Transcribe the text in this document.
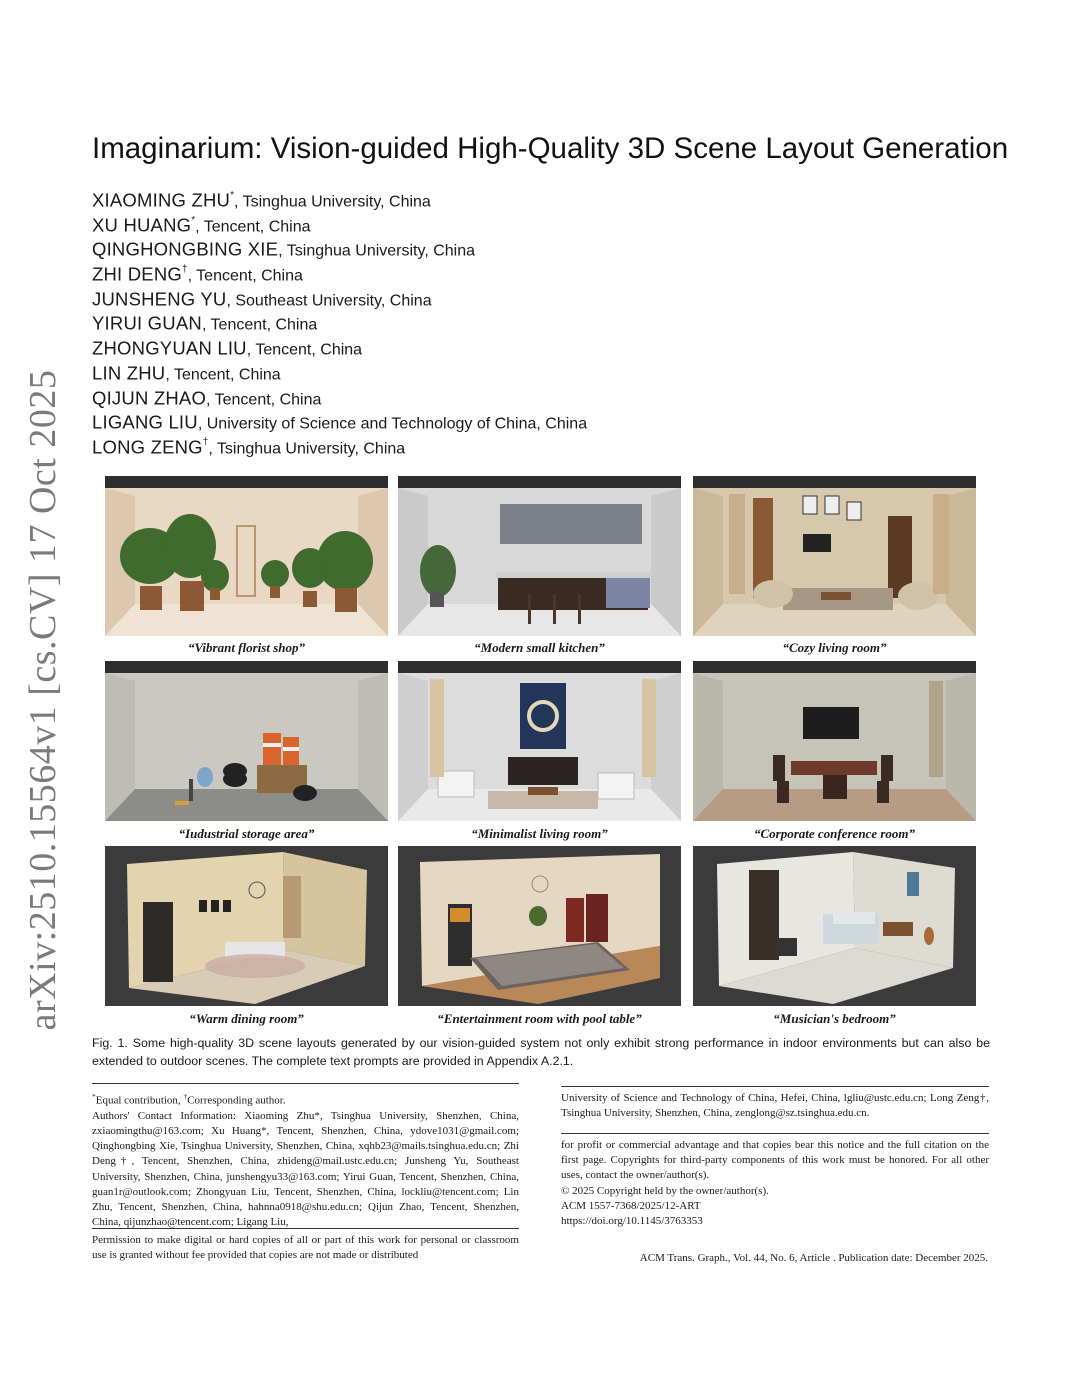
arXiv:2510.15564v1 [cs.CV] 17 Oct 2025
Imaginarium: Vision-guided High-Quality 3D Scene Layout Generation
XIAOMING ZHU*, Tsinghua University, China
XU HUANG*, Tencent, China
QINGHONGBING XIE, Tsinghua University, China
ZHI DENG†, Tencent, China
JUNSHENG YU, Southeast University, China
YIRUI GUAN, Tencent, China
ZHONGYUAN LIU, Tencent, China
LIN ZHU, Tencent, China
QIJUN ZHAO, Tencent, China
LIGANG LIU, University of Science and Technology of China, China
LONG ZENG†, Tsinghua University, China
“Vibrant florist shop”	“Modern small kitchen”	“Cozy living room”
“Iudustrial storage area”	“Minimalist living room”	“Corporate conference room”
“Warm dining room”	“Entertainment room with pool table”	“Musician's bedroom”
Fig. 1. Some high-quality 3D scene layouts generated by our vision-guided system not only exhibit strong performance in indoor environments but can also be extended to outdoor scenes. The complete text prompts are provided in Appendix A.2.1.
*Equal contribution, †Corresponding author.
Authors' Contact Information: Xiaoming Zhu*, Tsinghua University, Shenzhen, China, zxiaomingthu@163.com; Xu Huang*, Tencent, Shenzhen, China, ydove1031@gmail.com; Qinghongbing Xie, Tsinghua University, Shenzhen, China, xqhb23@mails.tsinghua.edu.cn; Zhi Deng†, Tencent, Shenzhen, China, zhideng@mail.ustc.edu.cn; Junsheng Yu, Southeast University, Shenzhen, China, junshengyu33@163.com; Yirui Guan, Tencent, Shenzhen, China, guan1r@outlook.com; Zhongyuan Liu, Tencent, Shenzhen, China, lockliu@tencent.com; Lin Zhu, Tencent, Shenzhen, China, hahnna0918@shu.edu.cn; Qijun Zhao, Tencent, Shenzhen, China, qijunzhao@tencent.com; Ligang Liu,
Permission to make digital or hard copies of all or part of this work for personal or classroom use is granted without fee provided that copies are not made or distributed
University of Science and Technology of China, Hefei, China, lgliu@ustc.edu.cn; Long Zeng†, Tsinghua University, Shenzhen, China, zenglong@sz.tsinghua.edu.cn.
for profit or commercial advantage and that copies bear this notice and the full citation on the first page. Copyrights for third-party components of this work must be honored. For all other uses, contact the owner/author(s).
© 2025 Copyright held by the owner/author(s).
ACM 1557-7368/2025/12-ART
https://doi.org/10.1145/3763353
ACM Trans. Graph., Vol. 44, No. 6, Article . Publication date: December 2025.
